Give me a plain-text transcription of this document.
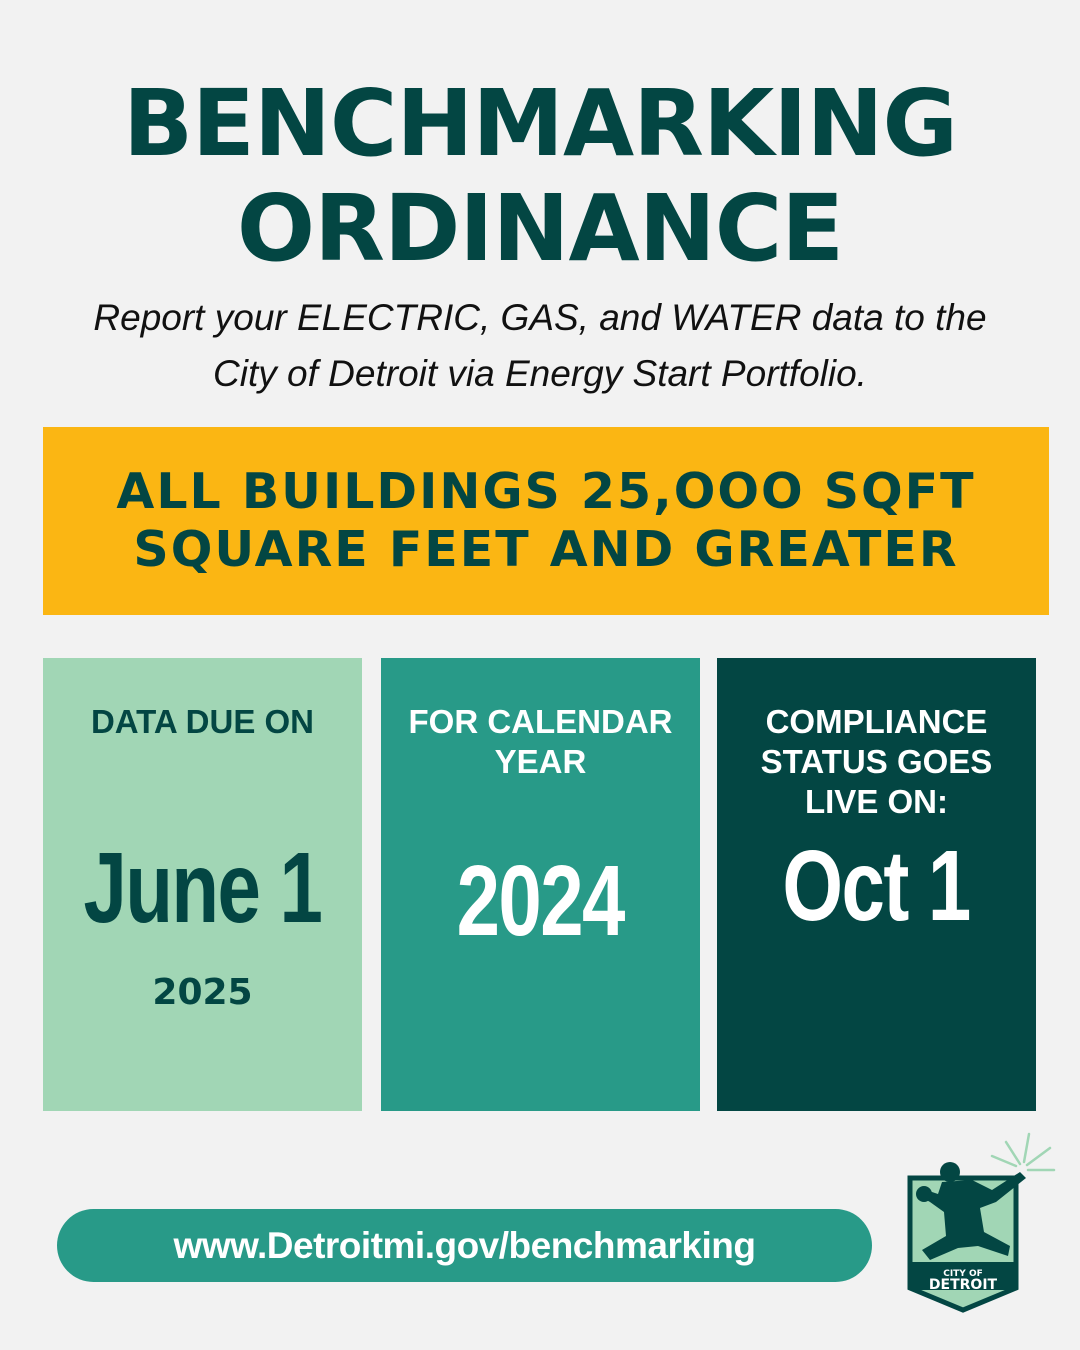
BENCHMARKING
ORDINANCE
Report your ELECTRIC, GAS, and WATER data to the
City of Detroit via Energy Start Portfolio.
ALL BUILDINGS 25,OOO SQFT
SQUARE FEET AND GREATER
DATA DUE ON
June 1
2025
FOR CALENDAR
YEAR
2024
COMPLIANCE
STATUS GOES
LIVE ON:
Oct 1
www.Detroitmi.gov/benchmarking
CITY OF
DETROIT
